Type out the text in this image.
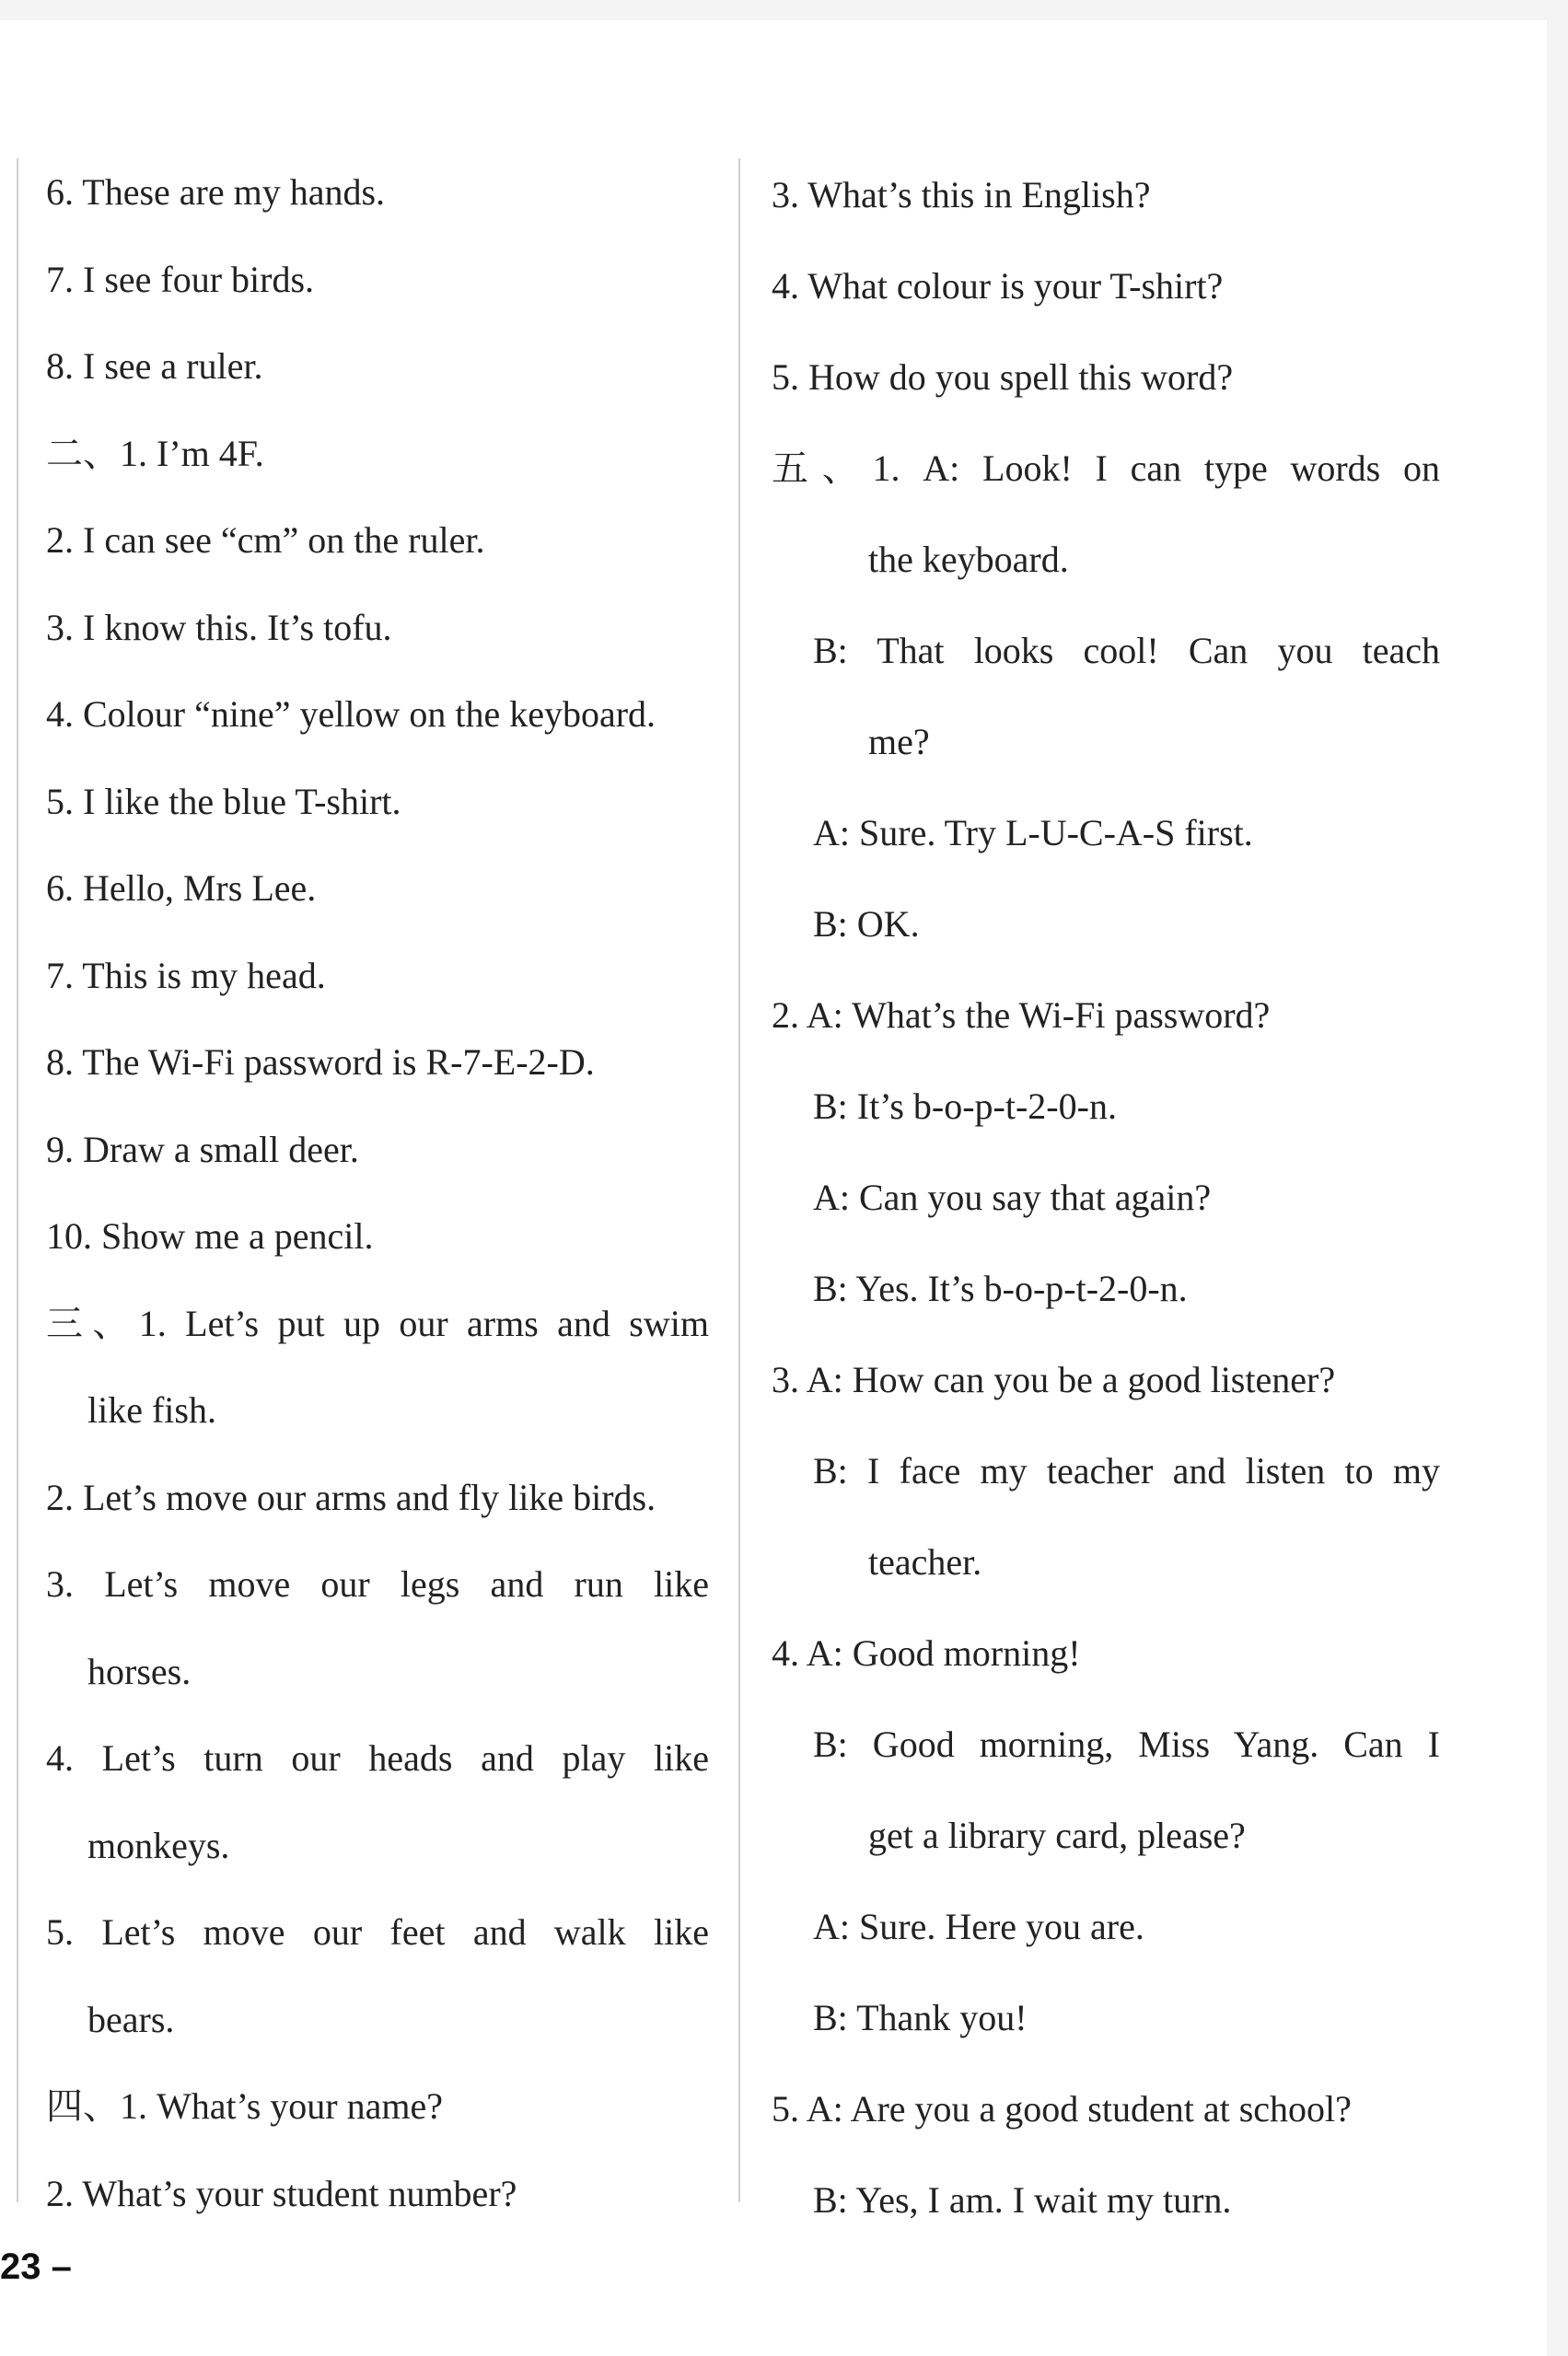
6. These are my hands.

7. I see four birds.

8. I see a ruler.

二、1. I’m 4F.

2. I can see “cm” on the ruler.

3. I know this. It’s tofu.

4. Colour “nine” yellow on the keyboard.

5. I like the blue T-shirt.

6. Hello, Mrs Lee.

7. This is my head.

8. The Wi-Fi password is R-7-E-2-D.

9. Draw a small deer.

10. Show me a pencil.

三、1. Let’s put up our arms and swim

like fish.

2. Let’s move our arms and fly like birds.

3. Let’s move our legs and run like

horses.

4. Let’s turn our heads and play like

monkeys.

5. Let’s move our feet and walk like

bears.

四、1. What’s your name?

2. What’s your student number?

3. What’s this in English?

4. What colour is your T-shirt?

5. How do you spell this word?

五、1. A: Look! I can type words on

the keyboard.

B: That looks cool! Can you teach

me?

A: Sure. Try L-U-C-A-S first.

B: OK.

2. A: What’s the Wi-Fi password?

B: It’s b-o-p-t-2-0-n.

A: Can you say that again?

B: Yes. It’s b-o-p-t-2-0-n.

3. A: How can you be a good listener?

B: I face my teacher and listen to my

teacher.

4. A: Good morning!

B: Good morning, Miss Yang. Can I

get a library card, please?

A: Sure. Here you are.

B: Thank you!

5. A: Are you a good student at school?

B: Yes, I am. I wait my turn.

23 –
